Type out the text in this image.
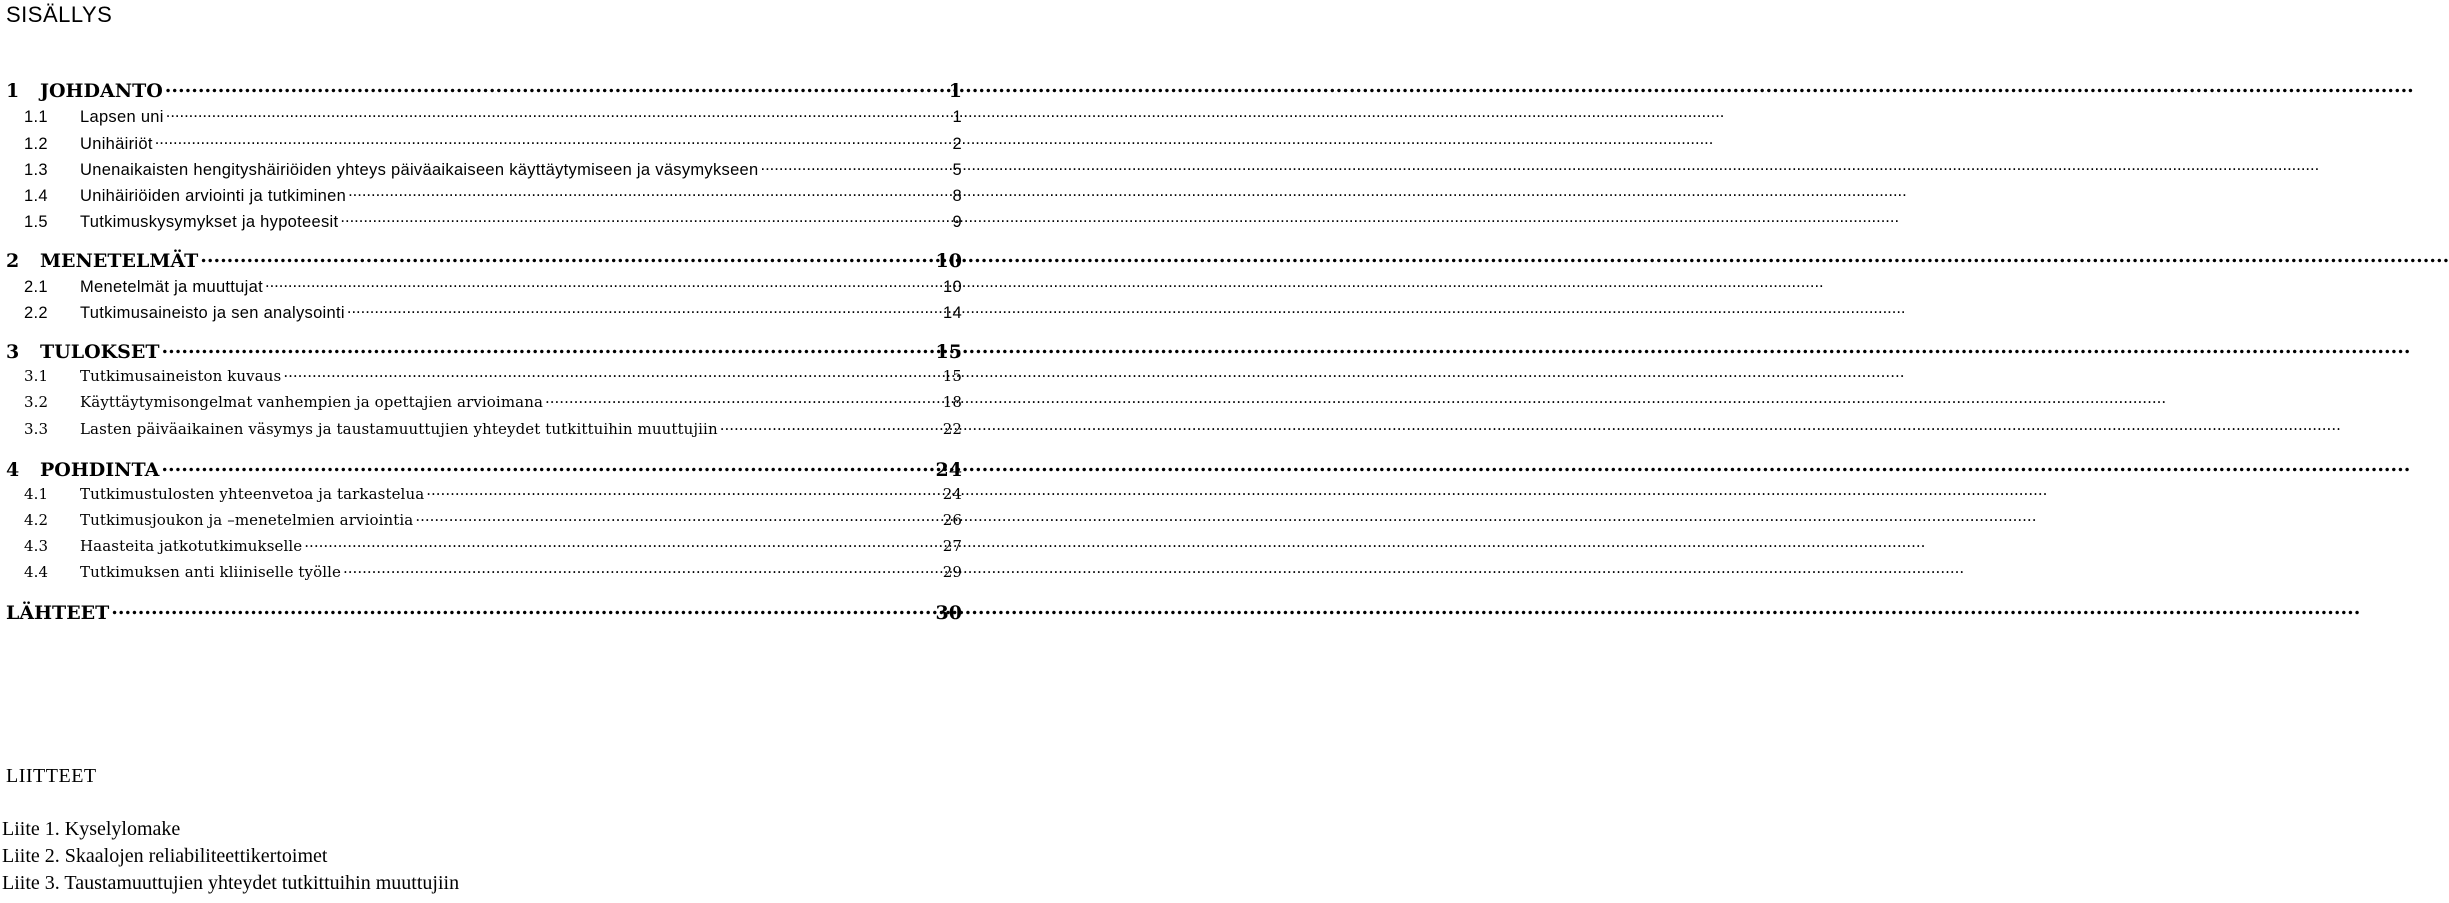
SISÄLLYS
1	JOHDANTO .....	1
1.1	Lapsen uni .....	1
1.2	Unihäiriöt .....	2
1.3	Unenaikaisten hengityshäiriöiden yhteys päiväaikaiseen käyttäytymiseen ja väsymykseen .....	5
1.4	Unihäiriöiden arviointi ja tutkiminen .....	8
1.5	Tutkimuskysymykset ja hypoteesit .....	9
2	MENETELMÄT .....	10
2.1	Menetelmät ja muuttujat .....	10
2.2	Tutkimusaineisto ja sen analysointi .....	14
3	TULOKSET .....	15
3.1	Tutkimusaineiston kuvaus .....	15
3.2	Käyttäytymisongelmat vanhempien ja opettajien arvioimana .....	18
3.3	Lasten päiväaikainen väsymys ja taustamuuttujien yhteydet tutkittuihin muuttujiin .....	22
4	POHDINTA .....	24
4.1	Tutkimustulosten yhteenvetoa ja tarkastelua .....	24
4.2	Tutkimusjoukon ja –menetelmien arviointia .....	26
4.3	Haasteita jatkotutkimukselle .....	27
4.4	Tutkimuksen anti kliiniselle työlle .....	29
LÄHTEET .....	30
LIITTEET
Liite 1. Kyselylomake
Liite 2. Skaalojen reliabiliteettikertoimet
Liite 3. Taustamuuttujien yhteydet tutkittuihin muuttujiin
